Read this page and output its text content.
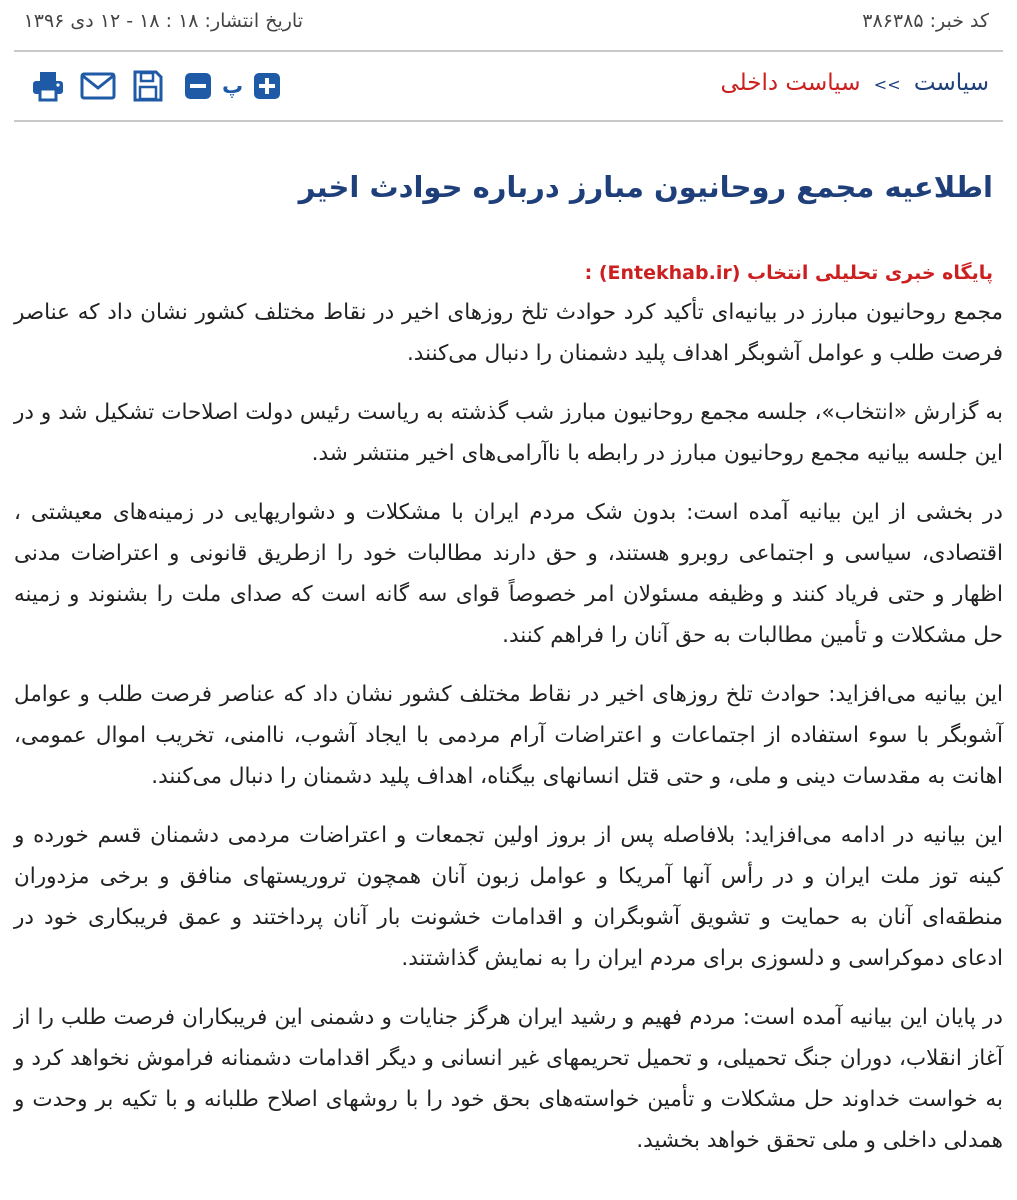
کد خبر: ۳۸۶۳۸۵
تاریخ انتشار: ۱۸ : ۱۸ - ۱۲ دی ۱۳۹۶
سیاست >> سیاست داخلی
پ
اطلاعیه مجمع روحانیون مبارز درباره حوادث اخیر
پایگاه خبری تحلیلی انتخاب (Entekhab.ir) :

مجمع روحانیون مبارز در بیانیه‌ای تأکید کرد حوادث تلخ روزهای اخیر در نقاط مختلف کشور نشان داد که عناصر فرصت طلب و عوامل آشوبگر اهداف پلید دشمنان را دنبال می‌کنند.

به گزارش «انتخاب»، جلسه مجمع روحانیون مبارز شب گذشته به ریاست رئیس دولت اصلاحات تشکیل شد و در این جلسه بیانیه مجمع روحانیون مبارز در رابطه با ناآرامی‌های اخیر منتشر شد.

در بخشی از این بیانیه آمده است: بدون شک مردم ایران با مشکلات و دشواریهایی در زمینه‌های معیشتی ، اقتصادی، سیاسی و اجتماعی روبرو هستند، و حق دارند مطالبات خود را ازطریق قانونی و اعتراضات مدنی اظهار و حتی فریاد کنند و وظیفه مسئولان امر خصوصاً قوای سه گانه است که صدای ملت را بشنوند و زمینه حل مشکلات و تأمین مطالبات به حق آنان را فراهم کنند.

این بیانیه می‌افزاید: حوادث تلخ روزهای اخیر در نقاط مختلف کشور نشان داد که عناصر فرصت طلب و عوامل آشوبگر با سوء استفاده از اجتماعات و اعتراضات آرام مردمی با ایجاد آشوب، ناامنی، تخریب اموال عمومی، اهانت به مقدسات دینی و ملی، و حتی قتل انسانهای بیگناه، اهداف پلید دشمنان را دنبال می‌کنند.

این بیانیه در ادامه می‌افزاید: بلافاصله پس از بروز اولین تجمعات و اعتراضات مردمی دشمنان قسم خورده و کینه توز ملت ایران و در رأس آنها آمریکا و عوامل زبون آنان همچون تروریستهای منافق و برخی مزدوران منطقه‌ای آنان به حمایت و تشویق آشوبگران و اقدامات خشونت بار آنان پرداختند و عمق فریبکاری خود در ادعای دموکراسی و دلسوزی برای مردم ایران را به نمایش گذاشتند.

در پایان این بیانیه آمده است: مردم فهیم و رشید ایران هرگز جنایات و دشمنی این فریبکاران فرصت طلب را از آغاز انقلاب، دوران جنگ تحمیلی، و تحمیل تحریمهای غیر انسانی و دیگر اقدامات دشمنانه فراموش نخواهد کرد و به خواست خداوند حل مشکلات و تأمین خواسته‌های بحق خود را با روشهای اصلاح طلبانه و با تکیه بر وحدت و همدلی داخلی و ملی تحقق خواهد بخشید.
